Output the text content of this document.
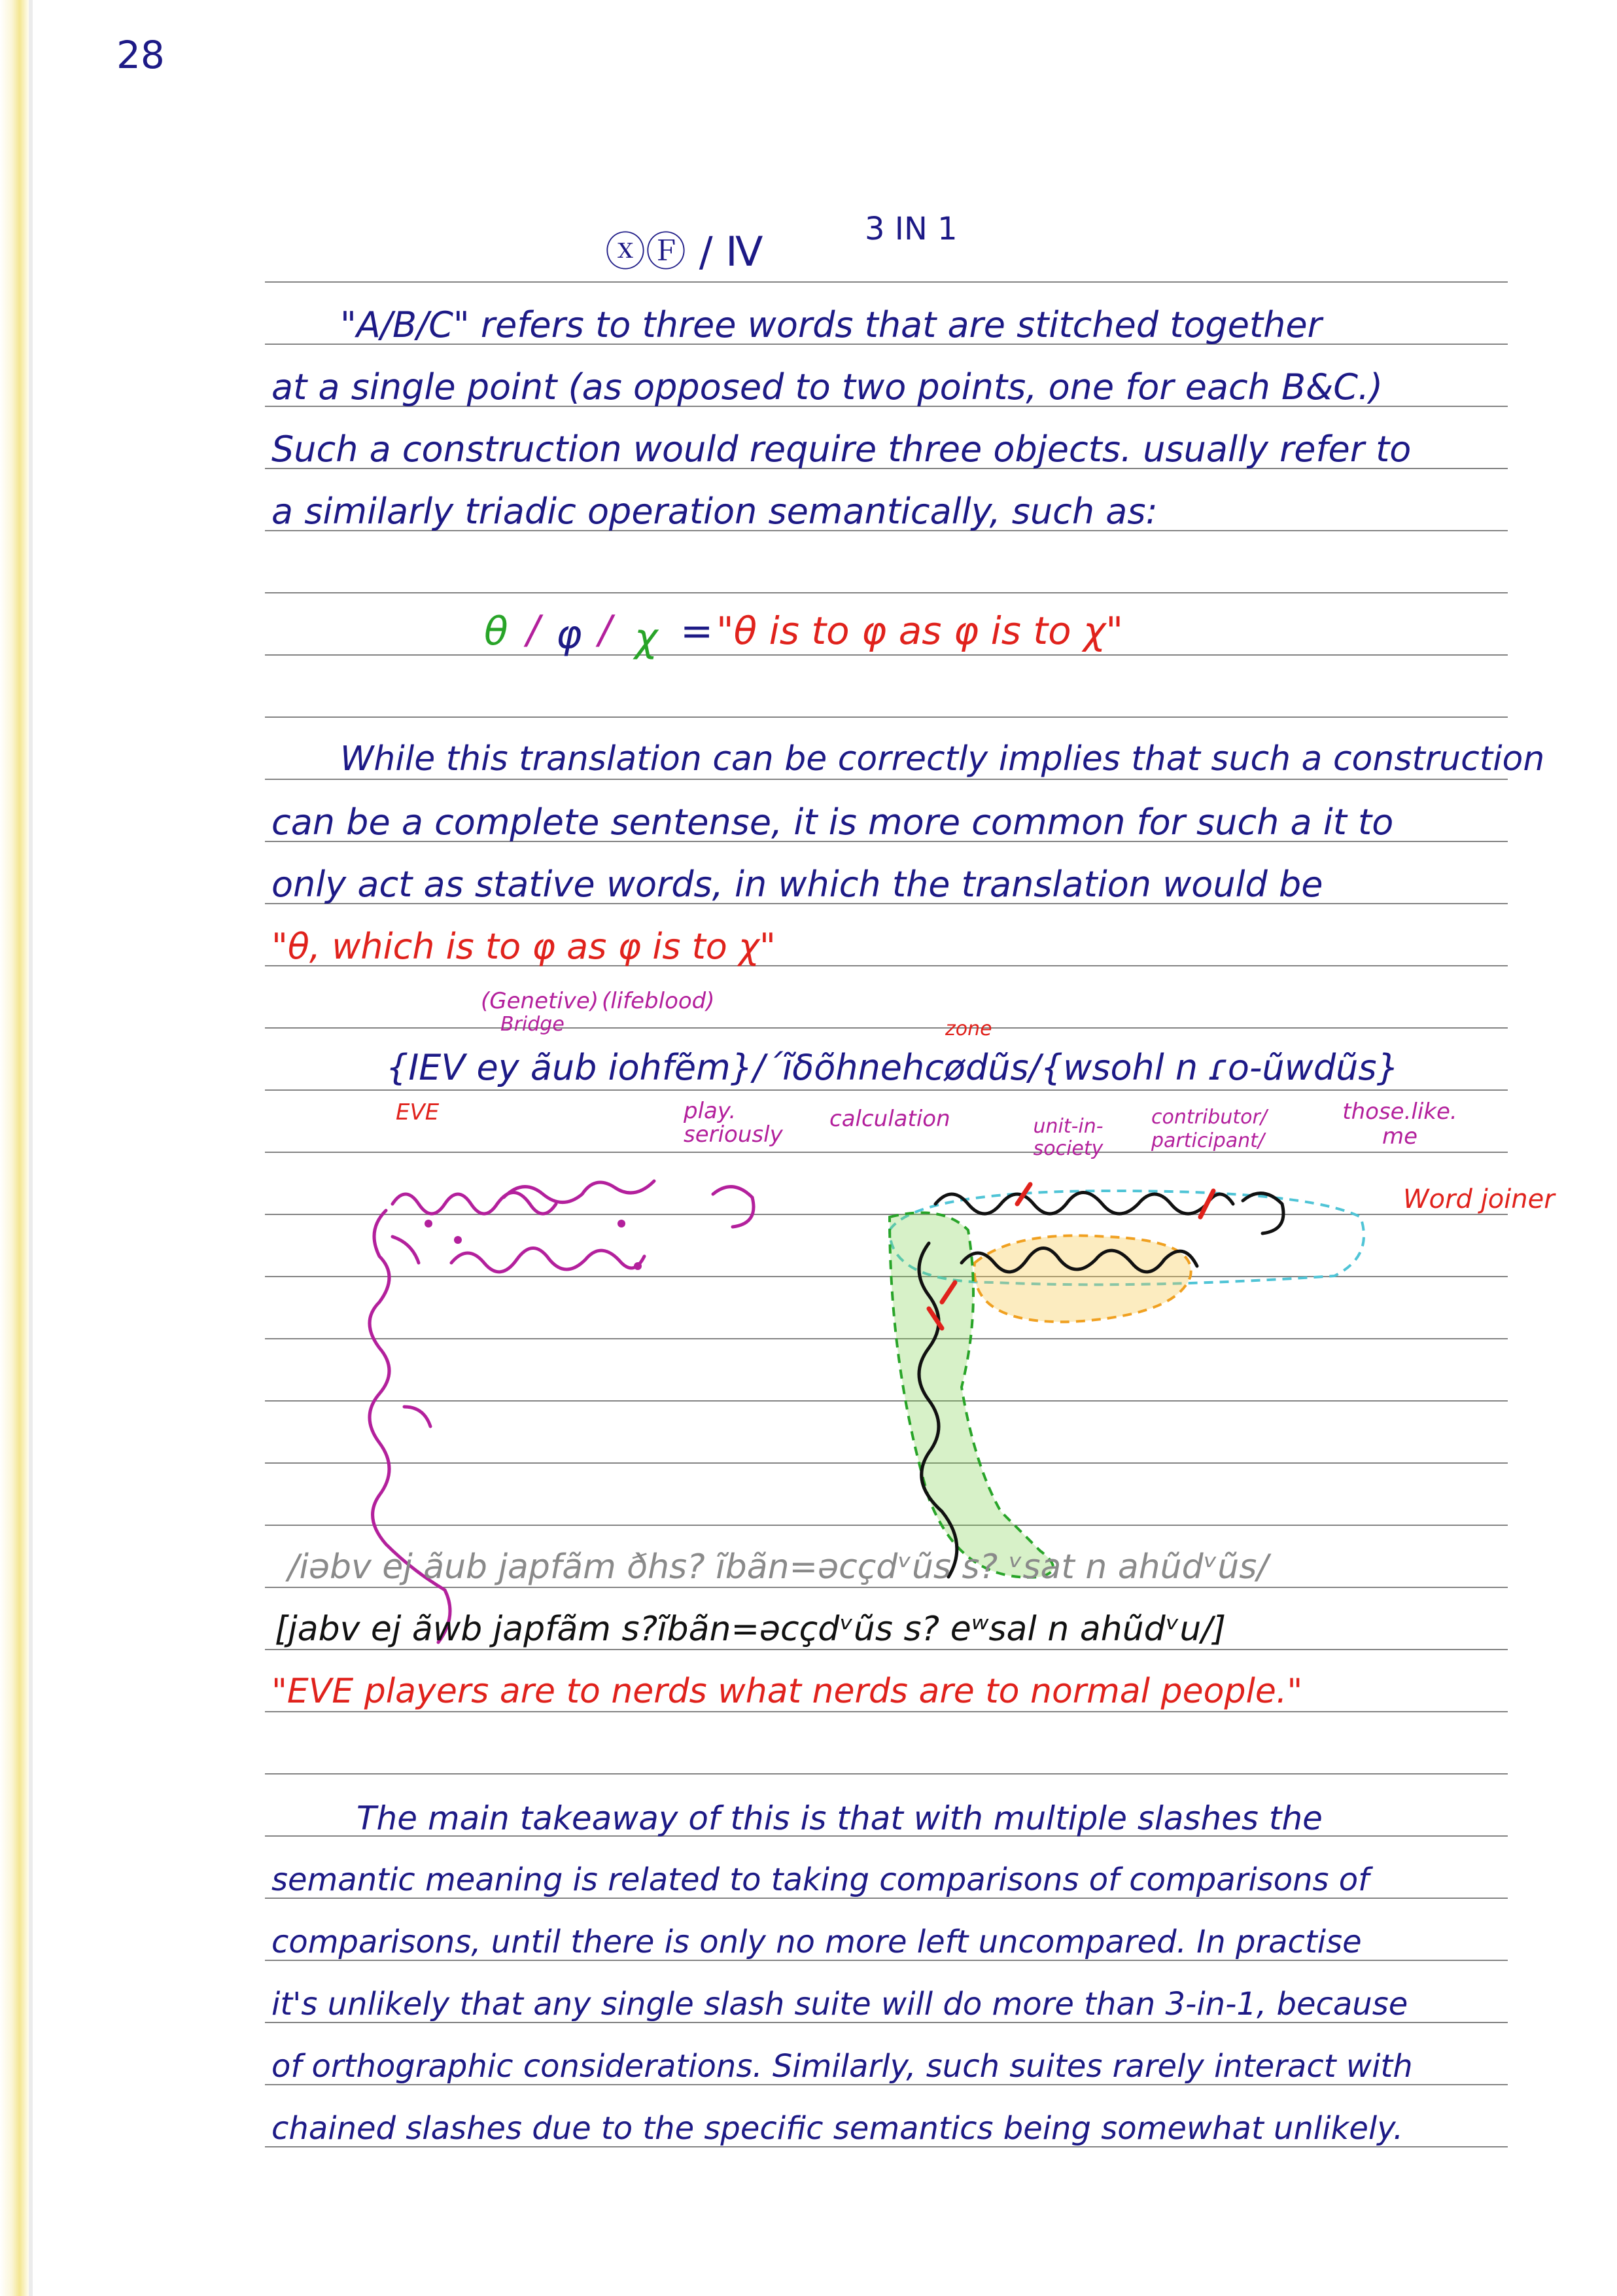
28
ⓧⒻ / Ⅳ	3 IN 1
"A/B/C" refers to three words that are stitched together
at a single point (as opposed to two points, one for each B&C.)
Such a construction would require three objects. usually refer to
a similarly triadic operation semantically, such as:
θ / φ / χ = "θ is to φ as φ is to χ"
While this translation can be correctly implies that such a construction
can be a complete sentense, it is more common for such a it to
only act as stative words, in which the translation would be
"θ, which is to φ as φ is to χ"
(Genetive)
Bridge
(lifeblood)
zone
{IEV ey ãub iohfẽm}/´ĩδõhnehcødũs/{wsohl n ɾo-ũwdũs}
EVE	play. seriously
calculation	unit-in-society
contributor/ participant/
those.like. me
Word joiner
/iəbv ej ãub japfãm ðhs? ĩbãn=əcçdᵛũs s? ᵛsat n ahũdᵛũs/
[jabv ej ãwb japfãm s?ĩbãn=əcçdᵛũs s? eʷsal n ahũdᵛu/]
"EVE players are to nerds what nerds are to normal people."
The main takeaway of this is that with multiple slashes the
semantic meaning is related to taking comparisons of comparisons of
comparisons, until there is only no more left uncompared. In practise
it's unlikely that any single slash suite will do more than 3-in-1, because
of orthographic considerations. Similarly, such suites rarely interact with
chained slashes due to the specific semantics being somewhat unlikely.
